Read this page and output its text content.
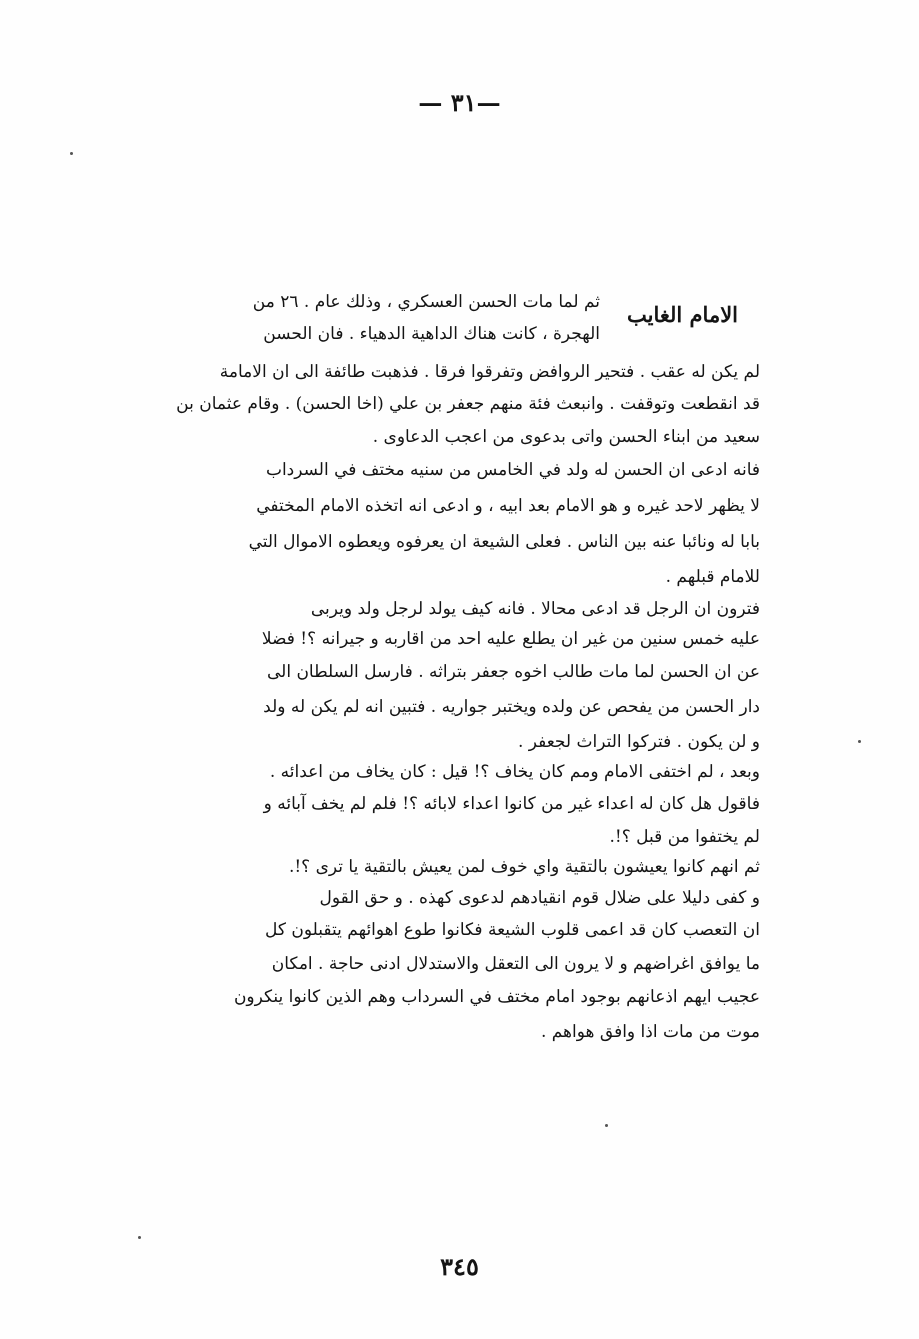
—٣١ —
الامام الغايب
ثم لما مات الحسن العسكري ، وذلك عام . ٢٦ من
الهجرة ، كانت هناك الداهية الدهياء . فان الحسن
لم يكن له عقب . فتحير الروافض وتفرقوا فرقا . فذهبت طائفة الى ان الامامة
قد انقطعت وتوقفت . وانبعث فئة منهم جعفر بن علي (اخا الحسن) . وقام عثمان بن
سعيد من ابناء الحسن واتى بدعوى من اعجب الدعاوى .
فانه ادعى ان الحسن له ولد في الخامس من سنيه مختف في السرداب
لا يظهر لاحد غيره و هو الامام بعد ابيه ، و ادعى انه اتخذه الامام المختفي
بابا له ونائبا عنه بين الناس . فعلى الشيعة ان يعرفوه ويعطوه الاموال التي
للامام قبلهم .
فترون ان الرجل قد ادعى محالا . فانه كيف يولد لرجل ولد ويربى
عليه خمس سنين من غير ان يطلع عليه احد من اقاربه و جيرانه ؟! فضلا
عن ان الحسن لما مات طالب اخوه جعفر بتراثه . فارسل السلطان الى
دار الحسن من يفحص عن ولده ويختبر جواريه . فتبين انه لم يكن له ولد
و لن يكون . فتركوا التراث لجعفر .
وبعد ، لم اختفى الامام ومم كان يخاف ؟! قيل : كان يخاف من اعدائه .
فاقول هل كان له اعداء غير من كانوا اعداء لابائه ؟! فلم لم يخف آبائه و
لم يختفوا من قبل ؟!.
ثم انهم كانوا يعيشون بالتقية واي خوف لمن يعيش بالتقية يا ترى ؟!.
و كفى دليلا على ضلال قوم انقيادهم لدعوى كهذه . و حق القول
ان التعصب كان قد اعمى قلوب الشيعة فكانوا طوع اهوائهم يتقبلون كل
ما يوافق اغراضهم و لا يرون الى التعقل والاستدلال ادنى حاجة . امكان
عجيب ايهم اذعانهم بوجود امام مختف في السرداب وهم الذين كانوا ينكرون
موت من مات اذا وافق هواهم .
٣٤٥
